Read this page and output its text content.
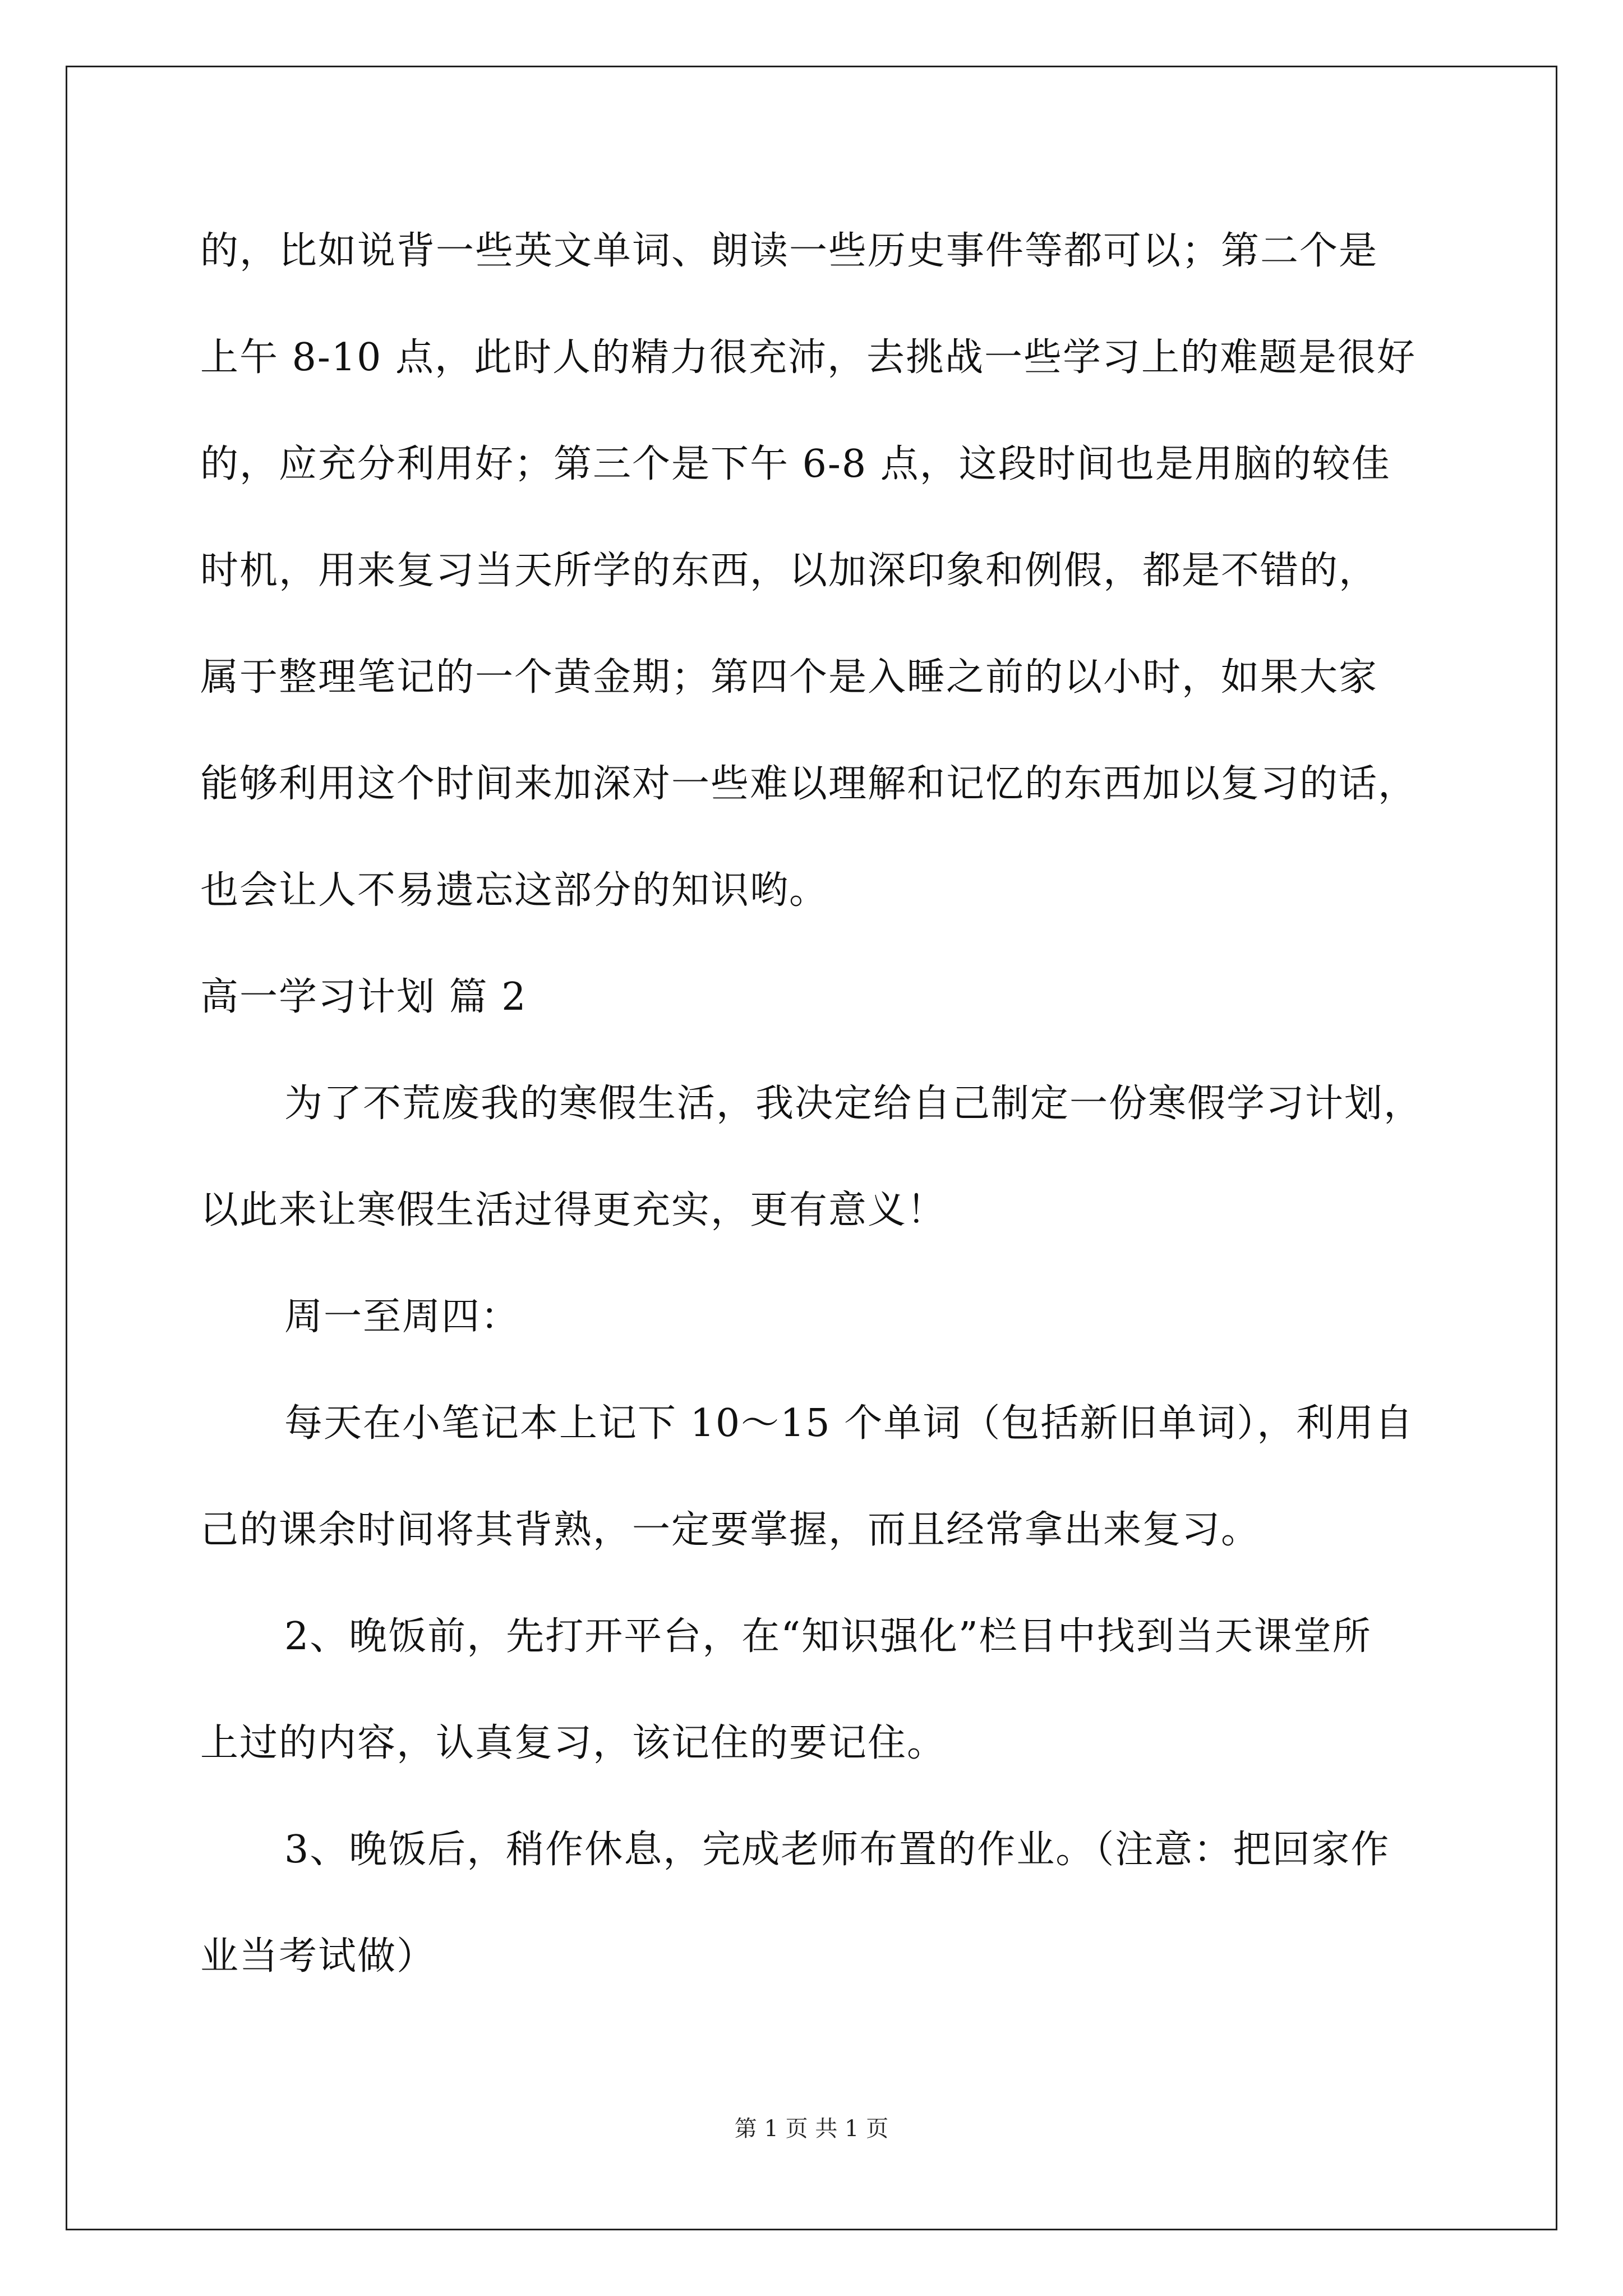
的，比如说背一些英文单词、朗读一些历史事件等都可以；第二个是
上午 8-10 点，此时人的精力很充沛，去挑战一些学习上的难题是很好
的，应充分利用好；第三个是下午 6-8 点，这段时间也是用脑的较佳
时机，用来复习当天所学的东西，以加深印象和例假，都是不错的，
属于整理笔记的一个黄金期；第四个是入睡之前的以小时，如果大家
能够利用这个时间来加深对一些难以理解和记忆的东西加以复习的话，
也会让人不易遗忘这部分的知识哟。
高一学习计划 篇 2
为了不荒废我的寒假生活，我决定给自己制定一份寒假学习计划，
以此来让寒假生活过得更充实，更有意义！
周一至周四：
每天在小笔记本上记下 10～15 个单词（包括新旧单词），利用自
己的课余时间将其背熟，一定要掌握，而且经常拿出来复习。
2、晚饭前，先打开平台，在“知识强化”栏目中找到当天课堂所
上过的内容，认真复习，该记住的要记住。
3、晚饭后，稍作休息，完成老师布置的作业。（注意：把回家作
业当考试做）
第 1 页 共 1 页
